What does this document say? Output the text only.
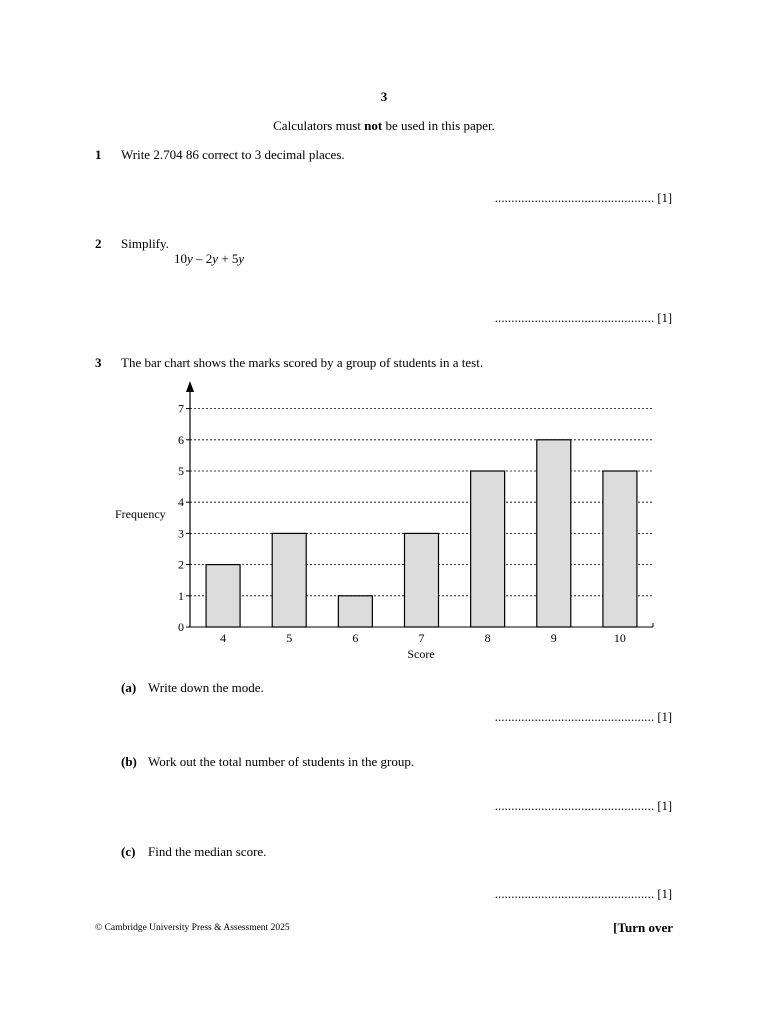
3
Calculators must not be used in this paper.
1 Write 2.704 86 correct to 3 decimal places.
................................................ [1]
2 Simplify.
10y – 2y + 5y
................................................ [1]
3 The bar chart shows the marks scored by a group of students in a test.
0
1
2
3
4
5
6
7
4	5	6	7	8	9	10
Frequency
Score
(a) Write down the mode.
................................................ [1]
(b) Work out the total number of students in the group.
................................................ [1]
(c) Find the median score.
................................................ [1]
© Cambridge University Press & Assessment 2025	[Turn over
